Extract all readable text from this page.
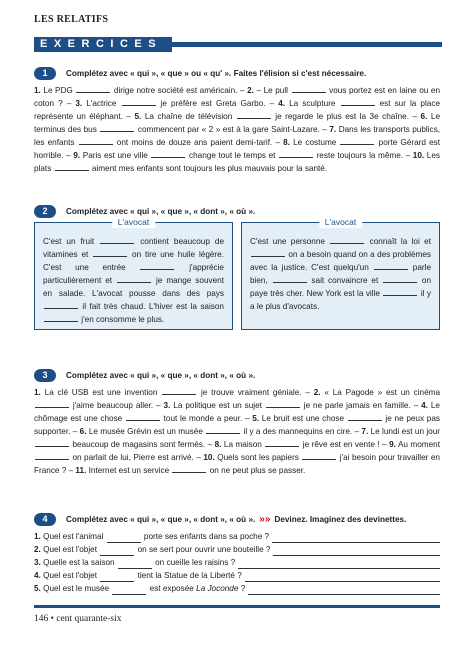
LES RELATIFS
EXERCICES
1	Complétez avec « qui », « que » ou « qu' ». Faites l'élision si c'est nécessaire.
1. Le PDG	dirige notre société est américain. – 2. – Le pull	vous portez est en laine ou en coton ? – 3. L'actrice	je préfère est Greta Garbo. – 4. La sculpture	est sur la place représente un éléphant. – 5. La chaîne de télévision	je regarde le plus est la 3e chaîne. – 6. Le terminus des bus	commencent par « 2 » est à la gare Saint-Lazare. – 7. Dans les transports publics, les enfants	ont moins de douze ans paient demi-tarif. – 8. Le costume	porte Gérard est horrible. – 9. Paris est une ville	change tout le temps et	reste toujours la même. – 10. Les plats	aiment mes enfants sont toujours les plus mauvais pour la santé.
2	Complétez avec « qui », « que », « dont », « où ».
L'avocat
C'est un fruit	contient beaucoup de vitamines et	on tire une huile légère. C'est une entrée	j'apprécie particulièrement et	je mange souvent en salade. L'avocat pousse dans des pays  il fait très chaud. L'hiver est la saison  j'en consomme le plus.
L'avocat
C'est une personne	connaît la loi et  on a besoin quand on a des problèmes avec la justice. C'est quelqu'un	parle bien,	sait convaincre et	on paye très cher. New York est la ville	il y a le plus d'avocats.
3	Complétez avec « qui », « que », « dont », « où ».
1. La clé USB est une invention	je trouve vraiment géniale. – 2. « La Pagode » est un cinéma  j'aime beaucoup aller. – 3. La politique est un sujet	je ne parle jamais en famille. – 4. Le chômage est une chose	tout le monde a peur. – 5. Le bruit est une chose	je ne peux pas supporter. – 6. Le musée Grévin est un musée	il y a des mannequins en cire. – 7. Le lundi est un jour  beaucoup de magasins sont fermés. – 8. La maison	je rêve est en vente ! – 9. Au moment  on parlait de lui, Pierre est arrivé. – 10. Quels sont les papiers	j'ai besoin pour travailler en France ? – 11. Internet est un service	on ne peut plus se passer.
4	Complétez avec « qui », « que », « dont », « où ». »» Devinez. Imaginez des devinettes.
1. Quel est l'animal	porte ses enfants dans sa poche ?
2. Quel est l'objet	on se sert pour ouvrir une bouteille ?
3. Quelle est la saison	on cueille les raisins ?
4. Quel est l'objet	tient la Statue de la Liberté ?
5. Quel est le musée	est exposée La Joconde ?
146 • cent quarante-six
